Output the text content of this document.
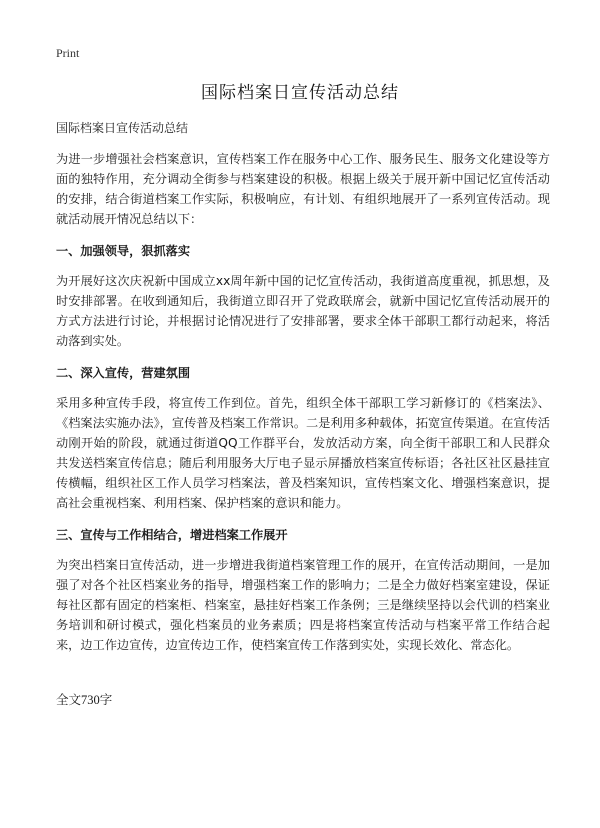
Print
国际档案日宣传活动总结

国际档案日宣传活动总结

为进一步增强社会档案意识，宣传档案工作在服务中心工作、服务民生、服务文化建设等方面的独特作用，充分调动全街参与档案建设的积极。根据上级关于展开新中国记忆宣传活动的安排，结合街道档案工作实际，积极响应，有计划、有组织地展开了一系列宣传活动。现就活动展开情况总结以下：

一、加强领导，狠抓落实

为开展好这次庆祝新中国成立xx周年新中国的记忆宣传活动，我街道高度重视，抓思想，及时安排部署。在收到通知后，我街道立即召开了党政联席会，就新中国记忆宣传活动展开的方式方法进行讨论，并根据讨论情况进行了安排部署，要求全体干部职工都行动起来，将活动落到实处。

二、深入宣传，营建氛围

采用多种宣传手段，将宣传工作到位。首先，组织全体干部职工学习新修订的《档案法》、《档案法实施办法》，宣传普及档案工作常识。二是利用多种载体，拓宽宣传渠道。在宣传活动刚开始的阶段，就通过街道QQ工作群平台，发放活动方案，向全街干部职工和人民群众共发送档案宣传信息；随后利用服务大厅电子显示屏播放档案宣传标语；各社区社区悬挂宣传横幅，组织社区工作人员学习档案法，普及档案知识，宣传档案文化、增强档案意识，提高社会重视档案、利用档案、保护档案的意识和能力。

三、宣传与工作相结合，增进档案工作展开

为突出档案日宣传活动，进一步增进我街道档案管理工作的展开，在宣传活动期间，一是加强了对各个社区档案业务的指导，增强档案工作的影响力；二是全力做好档案室建设，保证每社区都有固定的档案柜、档案室，悬挂好档案工作条例；三是继续坚持以会代训的档案业务培训和研讨模式，强化档案员的业务素质；四是将档案宣传活动与档案平常工作结合起来，边工作边宣传，边宣传边工作，使档案宣传工作落到实处，实现长效化、常态化。

全文730字
